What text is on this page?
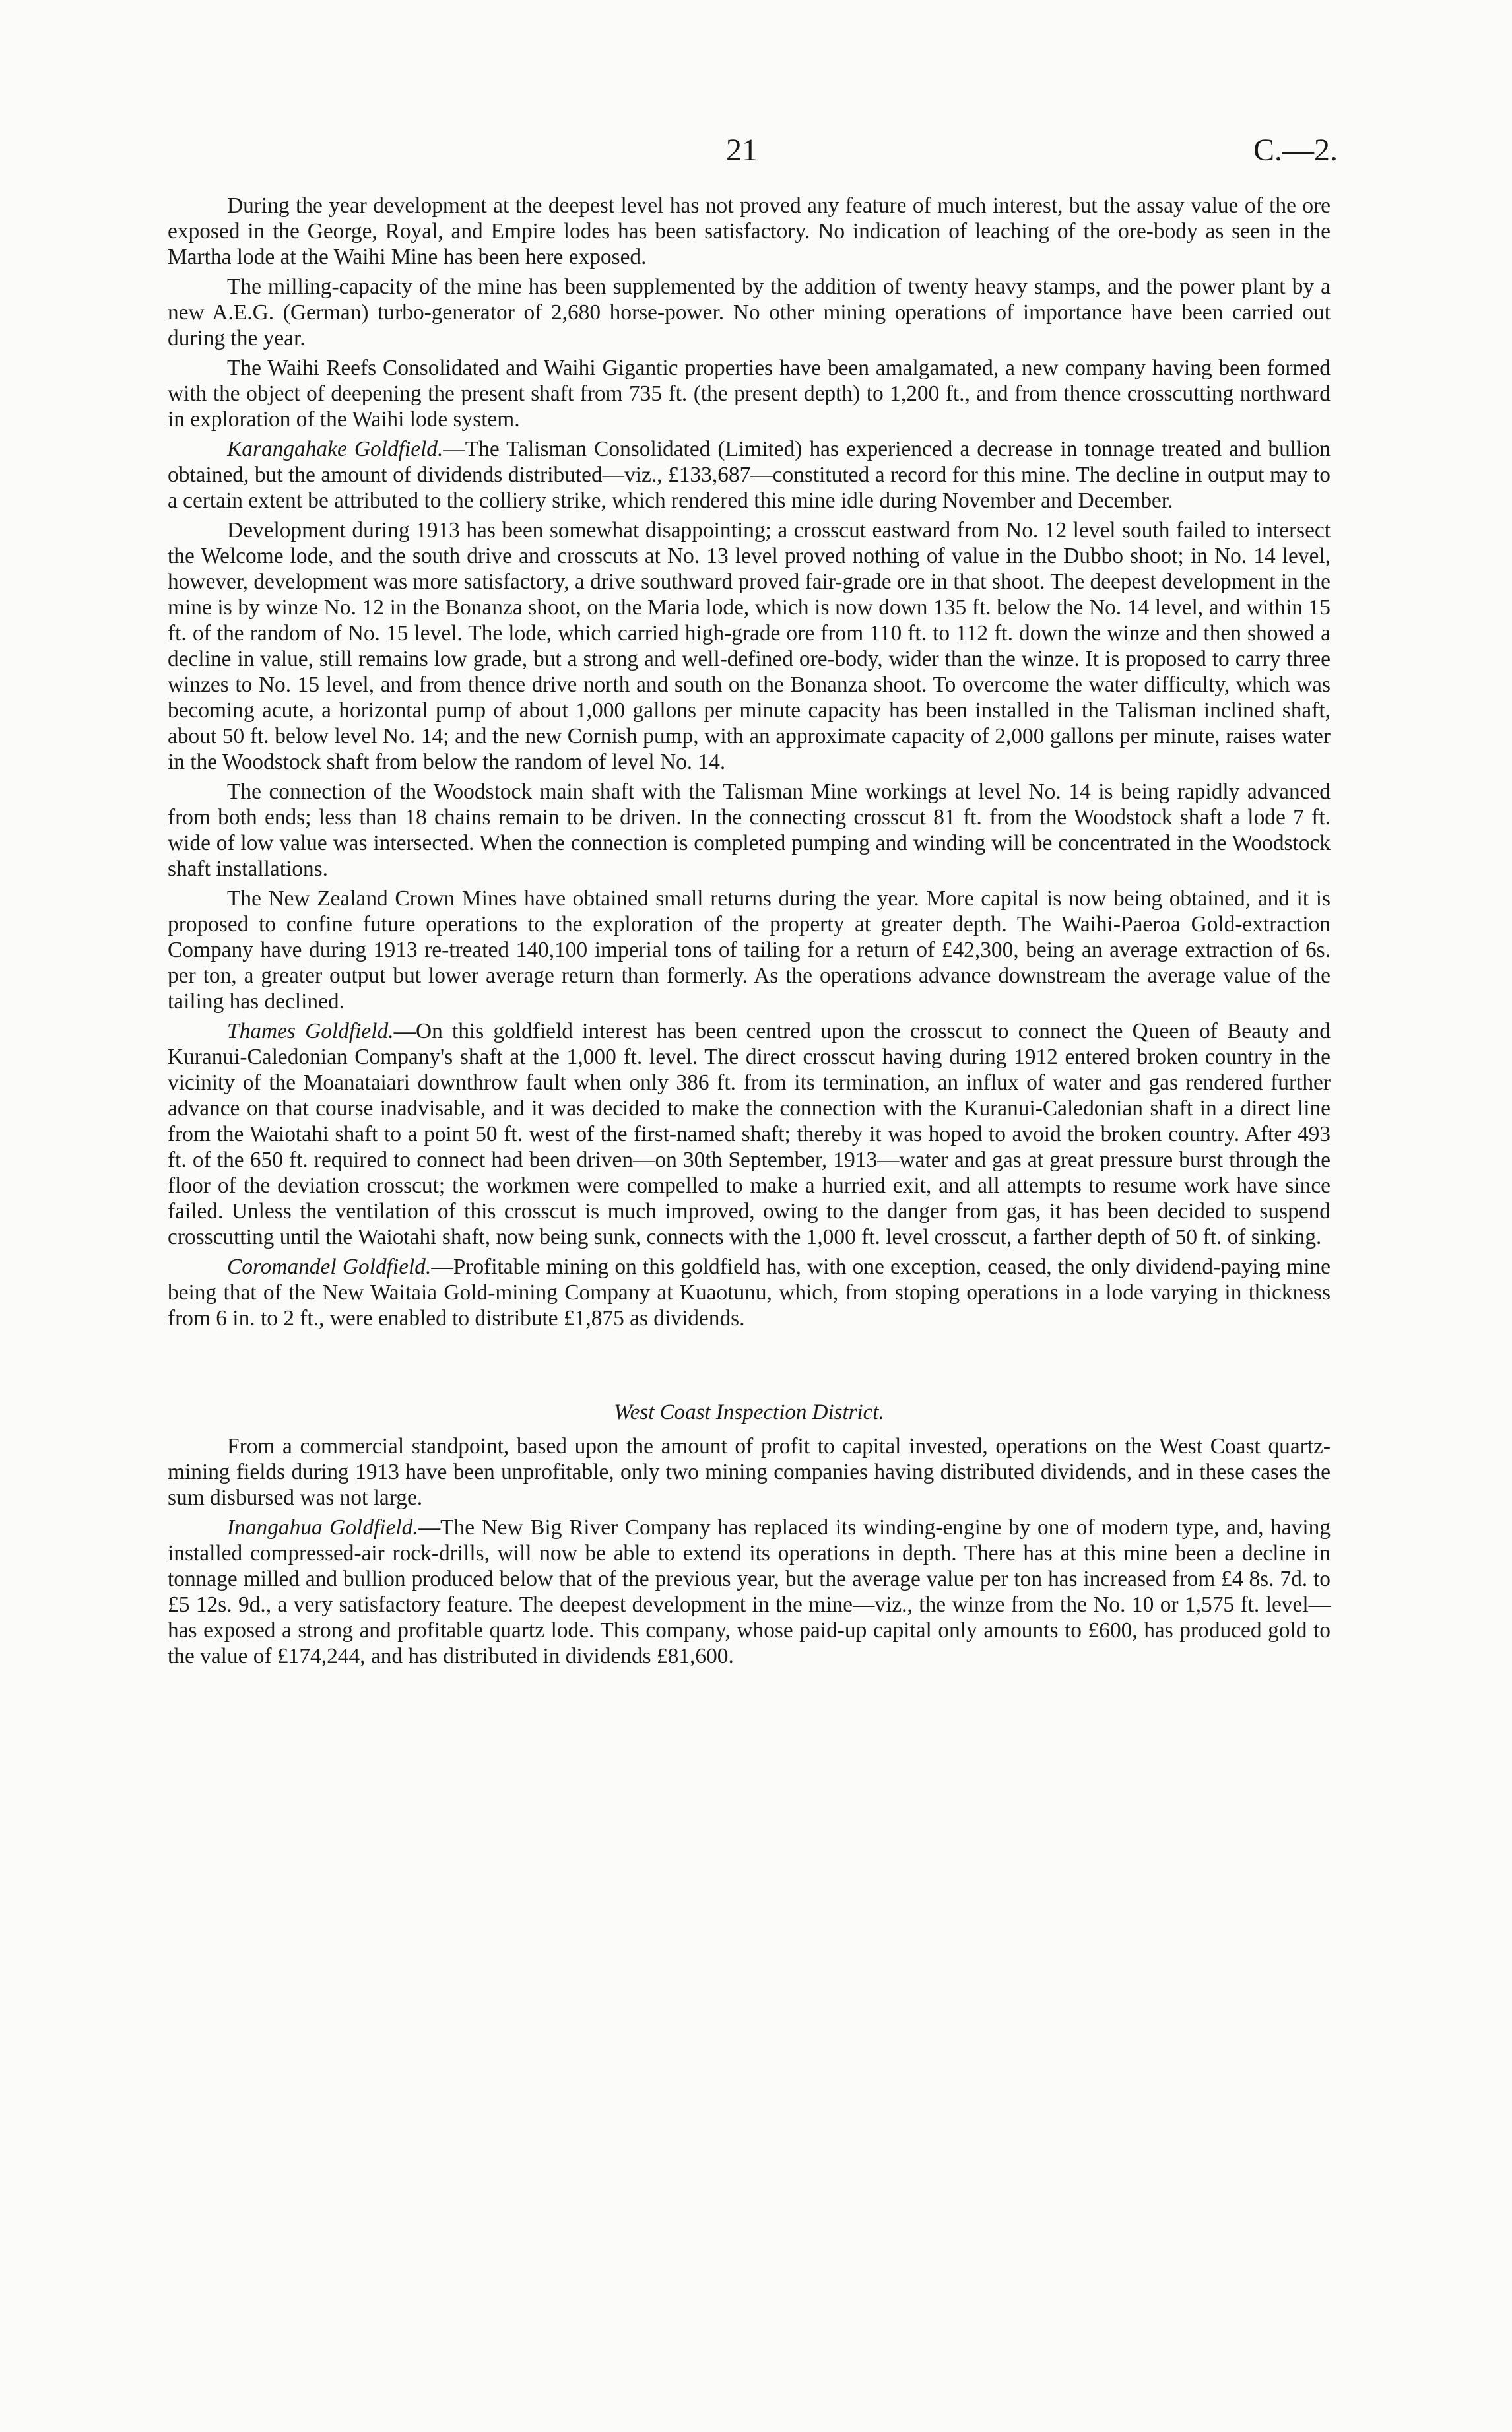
21	C.—2.

During the year development at the deepest level has not proved any feature of much interest, but the assay value of the ore exposed in the George, Royal, and Empire lodes has been satisfactory. No indication of leaching of the ore-body as seen in the Martha lode at the Waihi Mine has been here exposed.

The milling-capacity of the mine has been supplemented by the addition of twenty heavy stamps, and the power plant by a new A.E.G. (German) turbo-generator of 2,680 horse-power. No other mining operations of importance have been carried out during the year.

The Waihi Reefs Consolidated and Waihi Gigantic properties have been amalgamated, a new company having been formed with the object of deepening the present shaft from 735 ft. (the present depth) to 1,200 ft., and from thence crosscutting northward in exploration of the Waihi lode system.

Karangahake Goldfield.—The Talisman Consolidated (Limited) has experienced a decrease in tonnage treated and bullion obtained, but the amount of dividends distributed—viz., £133,687—constituted a record for this mine. The decline in output may to a certain extent be attributed to the colliery strike, which rendered this mine idle during November and December.

Development during 1913 has been somewhat disappointing; a crosscut eastward from No. 12 level south failed to intersect the Welcome lode, and the south drive and crosscuts at No. 13 level proved nothing of value in the Dubbo shoot; in No. 14 level, however, development was more satisfactory, a drive southward proved fair-grade ore in that shoot. The deepest development in the mine is by winze No. 12 in the Bonanza shoot, on the Maria lode, which is now down 135 ft. below the No. 14 level, and within 15 ft. of the random of No. 15 level. The lode, which carried high-grade ore from 110 ft. to 112 ft. down the winze and then showed a decline in value, still remains low grade, but a strong and well-defined ore-body, wider than the winze. It is proposed to carry three winzes to No. 15 level, and from thence drive north and south on the Bonanza shoot. To overcome the water difficulty, which was becoming acute, a horizontal pump of about 1,000 gallons per minute capacity has been installed in the Talisman inclined shaft, about 50 ft. below level No. 14; and the new Cornish pump, with an approximate capacity of 2,000 gallons per minute, raises water in the Woodstock shaft from below the random of level No. 14.

The connection of the Woodstock main shaft with the Talisman Mine workings at level No. 14 is being rapidly advanced from both ends; less than 18 chains remain to be driven. In the connecting crosscut 81 ft. from the Woodstock shaft a lode 7 ft. wide of low value was intersected. When the connection is completed pumping and winding will be concentrated in the Woodstock shaft installations.

The New Zealand Crown Mines have obtained small returns during the year. More capital is now being obtained, and it is proposed to confine future operations to the exploration of the property at greater depth. The Waihi-Paeroa Gold-extraction Company have during 1913 re-treated 140,100 imperial tons of tailing for a return of £42,300, being an average extraction of 6s. per ton, a greater output but lower average return than formerly. As the operations advance downstream the average value of the tailing has declined.

Thames Goldfield.—On this goldfield interest has been centred upon the crosscut to connect the Queen of Beauty and Kuranui-Caledonian Company's shaft at the 1,000 ft. level. The direct crosscut having during 1912 entered broken country in the vicinity of the Moanataiari downthrow fault when only 386 ft. from its termination, an influx of water and gas rendered further advance on that course inadvisable, and it was decided to make the connection with the Kuranui-Caledonian shaft in a direct line from the Waiotahi shaft to a point 50 ft. west of the first-named shaft; thereby it was hoped to avoid the broken country. After 493 ft. of the 650 ft. required to connect had been driven—on 30th September, 1913—water and gas at great pressure burst through the floor of the deviation crosscut; the workmen were compelled to make a hurried exit, and all attempts to resume work have since failed. Unless the ventilation of this crosscut is much improved, owing to the danger from gas, it has been decided to suspend crosscutting until the Waiotahi shaft, now being sunk, connects with the 1,000 ft. level crosscut, a farther depth of 50 ft. of sinking.

Coromandel Goldfield.—Profitable mining on this goldfield has, with one exception, ceased, the only dividend-paying mine being that of the New Waitaia Gold-mining Company at Kuaotunu, which, from stoping operations in a lode varying in thickness from 6 in. to 2 ft., were enabled to distribute £1,875 as dividends.

West Coast Inspection District.

From a commercial standpoint, based upon the amount of profit to capital invested, operations on the West Coast quartz-mining fields during 1913 have been unprofitable, only two mining companies having distributed dividends, and in these cases the sum disbursed was not large.

Inangahua Goldfield.—The New Big River Company has replaced its winding-engine by one of modern type, and, having installed compressed-air rock-drills, will now be able to extend its operations in depth. There has at this mine been a decline in tonnage milled and bullion produced below that of the previous year, but the average value per ton has increased from £4 8s. 7d. to £5 12s. 9d., a very satisfactory feature. The deepest development in the mine—viz., the winze from the No. 10 or 1,575 ft. level—has exposed a strong and profitable quartz lode. This company, whose paid-up capital only amounts to £600, has produced gold to the value of £174,244, and has distributed in dividends £81,600.
